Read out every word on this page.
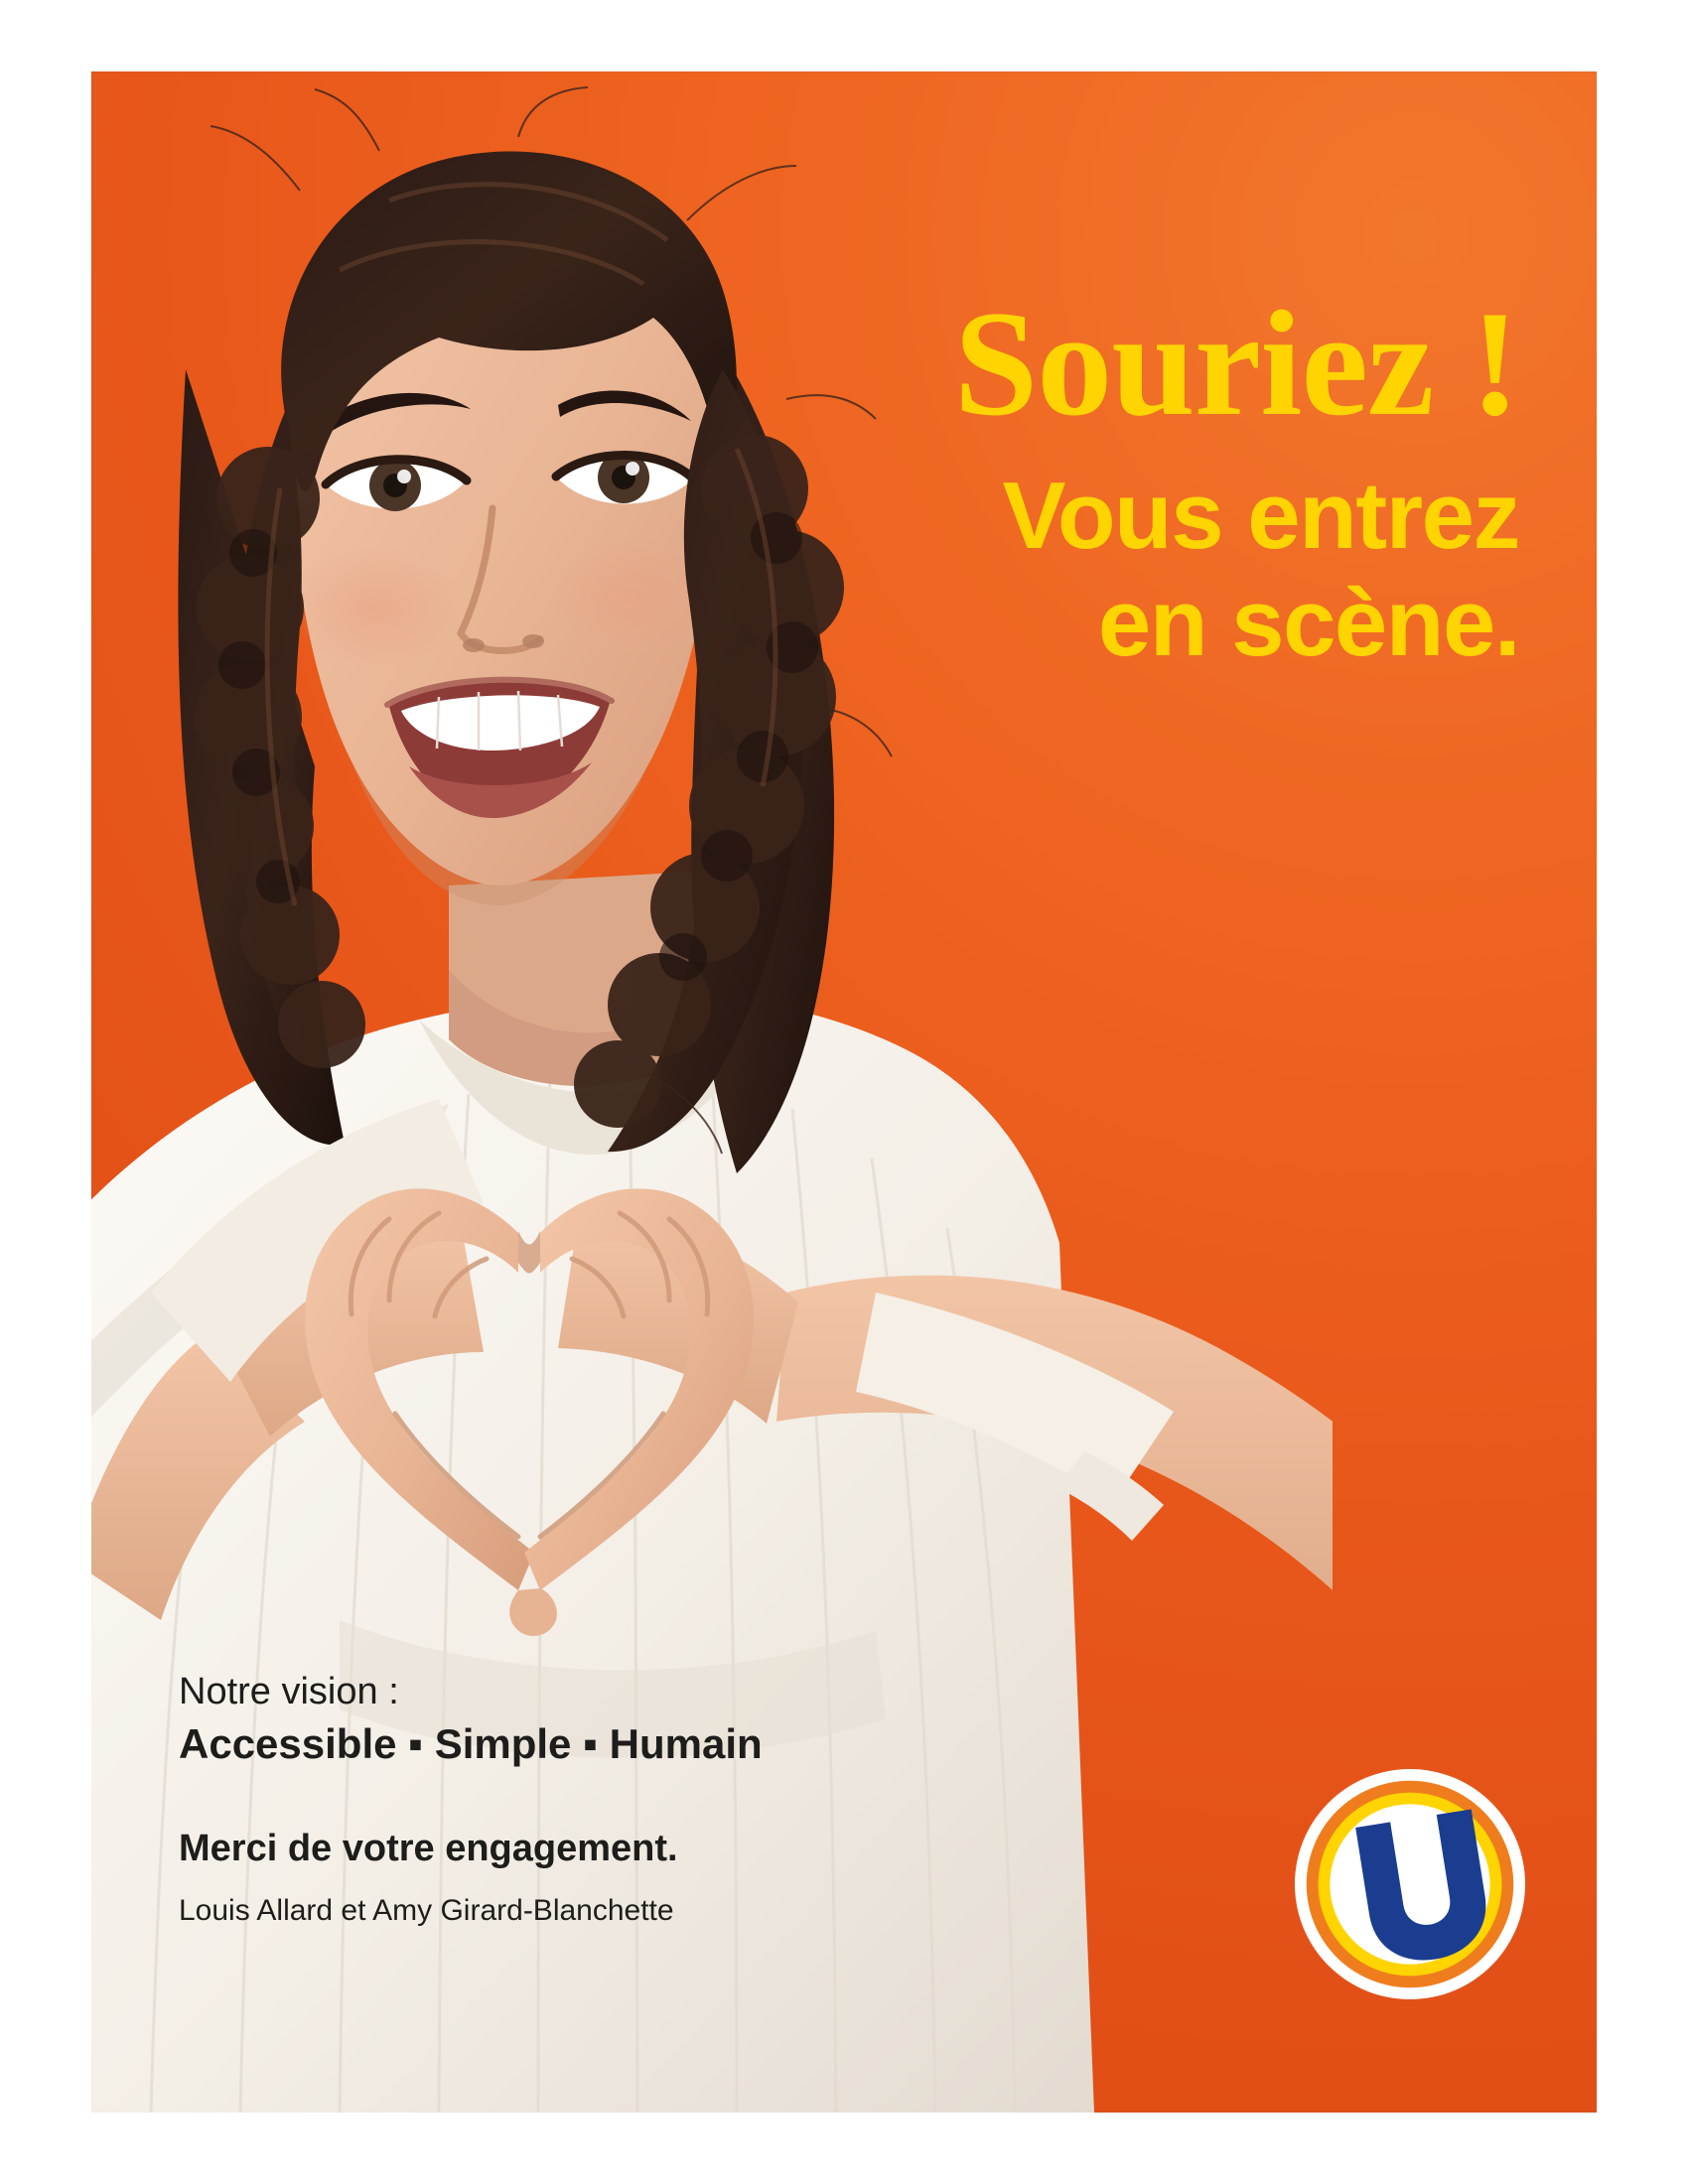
Souriez !

Vous entrez
en scène.

Notre vision :

Accessible ▪ Simple ▪ Humain

Merci de votre engagement.

Louis Allard et Amy Girard-Blanchette
